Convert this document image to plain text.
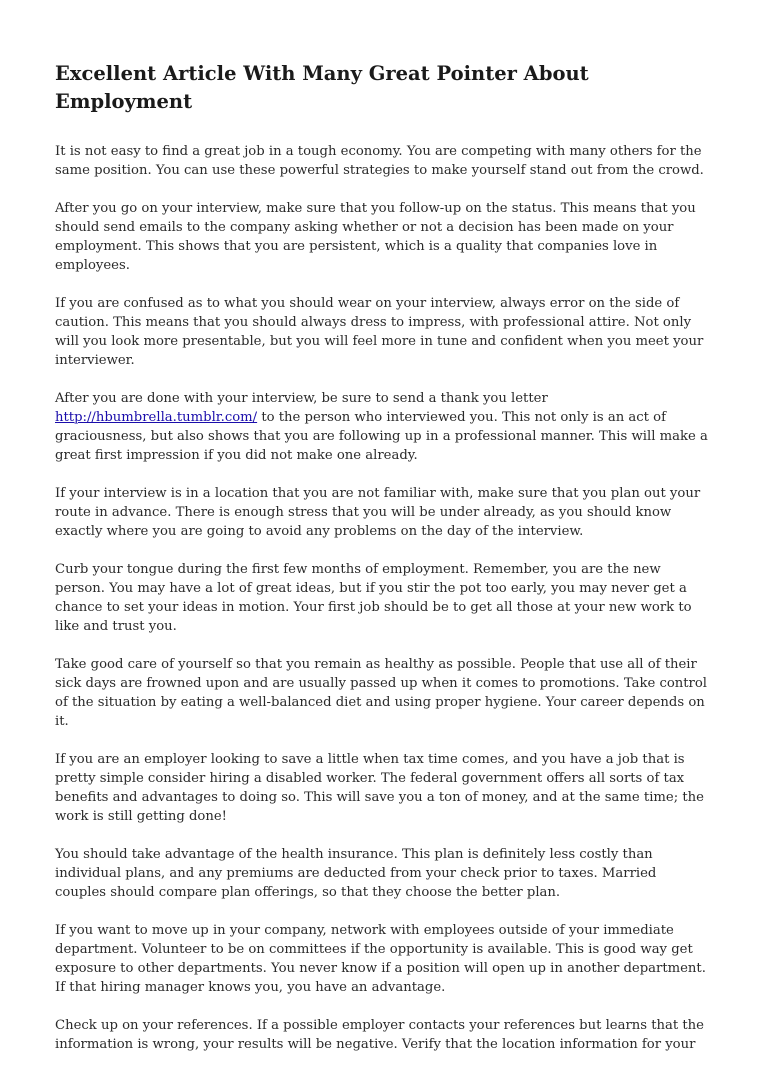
Excellent Article With Many Great Pointer About Employment

It is not easy to find a great job in a tough economy. You are competing with many others for the same position. You can use these powerful strategies to make yourself stand out from the crowd.

After you go on your interview, make sure that you follow-up on the status. This means that you should send emails to the company asking whether or not a decision has been made on your employment. This shows that you are persistent, which is a quality that companies love in employees.

If you are confused as to what you should wear on your interview, always error on the side of caution. This means that you should always dress to impress, with professional attire. Not only will you look more presentable, but you will feel more in tune and confident when you meet your interviewer.

After you are done with your interview, be sure to send a thank you letter http://hbumbrella.tumblr.com/ to the person who interviewed you. This not only is an act of graciousness, but also shows that you are following up in a professional manner. This will make a great first impression if you did not make one already.

If your interview is in a location that you are not familiar with, make sure that you plan out your route in advance. There is enough stress that you will be under already, as you should know exactly where you are going to avoid any problems on the day of the interview.

Curb your tongue during the first few months of employment. Remember, you are the new person. You may have a lot of great ideas, but if you stir the pot too early, you may never get a chance to set your ideas in motion. Your first job should be to get all those at your new work to like and trust you.

Take good care of yourself so that you remain as healthy as possible. People that use all of their sick days are frowned upon and are usually passed up when it comes to promotions. Take control of the situation by eating a well-balanced diet and using proper hygiene. Your career depends on it.

If you are an employer looking to save a little when tax time comes, and you have a job that is pretty simple consider hiring a disabled worker. The federal government offers all sorts of tax benefits and advantages to doing so. This will save you a ton of money, and at the same time; the work is still getting done!

You should take advantage of the health insurance. This plan is definitely less costly than individual plans, and any premiums are deducted from your check prior to taxes. Married couples should compare plan offerings, so that they choose the better plan.

If you want to move up in your company, network with employees outside of your immediate department. Volunteer to be on committees if the opportunity is available. This is good way get exposure to other departments. You never know if a position will open up in another department. If that hiring manager knows you, you have an advantage.

Check up on your references. If a possible employer contacts your references but learns that the information is wrong, your results will be negative. Verify that the location information for your
